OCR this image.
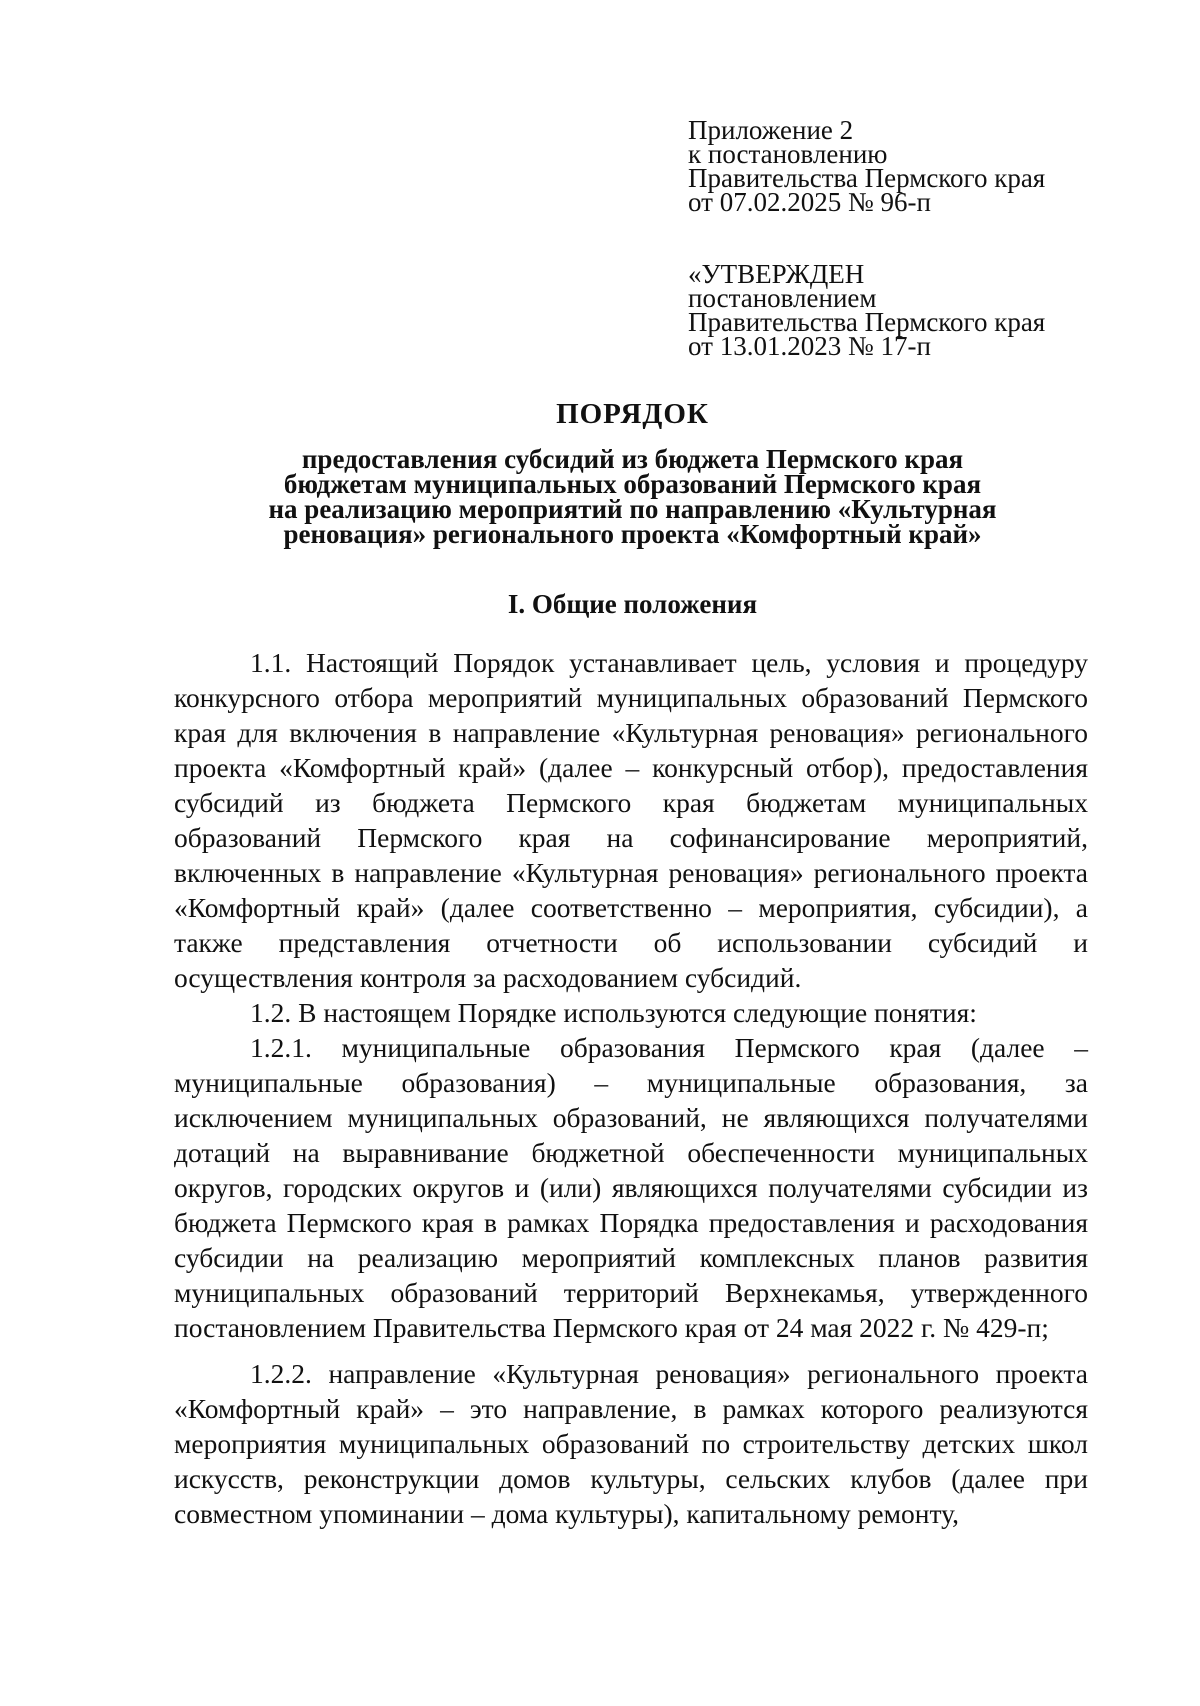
Приложение 2
к постановлению
Правительства Пермского края
от 07.02.2025 № 96-п
«УТВЕРЖДЕН
постановлением
Правительства Пермского края
от 13.01.2023 № 17-п
ПОРЯДОК
предоставления субсидий из бюджета Пермского края
бюджетам муниципальных образований Пермского края
на реализацию мероприятий по направлению «Культурная
реновация» регионального проекта «Комфортный край»
I. Общие положения

1.1. Настоящий Порядок устанавливает цель, условия и процедуру конкурсного отбора мероприятий муниципальных образований Пермского края для включения в направление «Культурная реновация» регионального проекта «Комфортный край» (далее – конкурсный отбор), предоставления субсидий из бюджета Пермского края бюджетам муниципальных образований Пермского края на софинансирование мероприятий, включенных в направление «Культурная реновация» регионального проекта «Комфортный край» (далее соответственно – мероприятия, субсидии), а также представления отчетности об использовании субсидий и осуществления контроля за расходованием субсидий.

1.2. В настоящем Порядке используются следующие понятия:

1.2.1. муниципальные образования Пермского края (далее – муниципальные образования) – муниципальные образования, за исключением муниципальных образований, не являющихся получателями дотаций на выравнивание бюджетной обеспеченности муниципальных округов, городских округов и (или) являющихся получателями субсидии из бюджета Пермского края в рамках Порядка предоставления и расходования субсидии на реализацию мероприятий комплексных планов развития муниципальных образований территорий Верхнекамья, утвержденного постановлением Правительства Пермского края от 24 мая 2022 г. № 429-п;

1.2.2. направление «Культурная реновация» регионального проекта «Комфортный край» – это направление, в рамках которого реализуются мероприятия муниципальных образований по строительству детских школ искусств, реконструкции домов культуры, сельских клубов (далее при совместном упоминании – дома культуры), капитальному ремонту,
